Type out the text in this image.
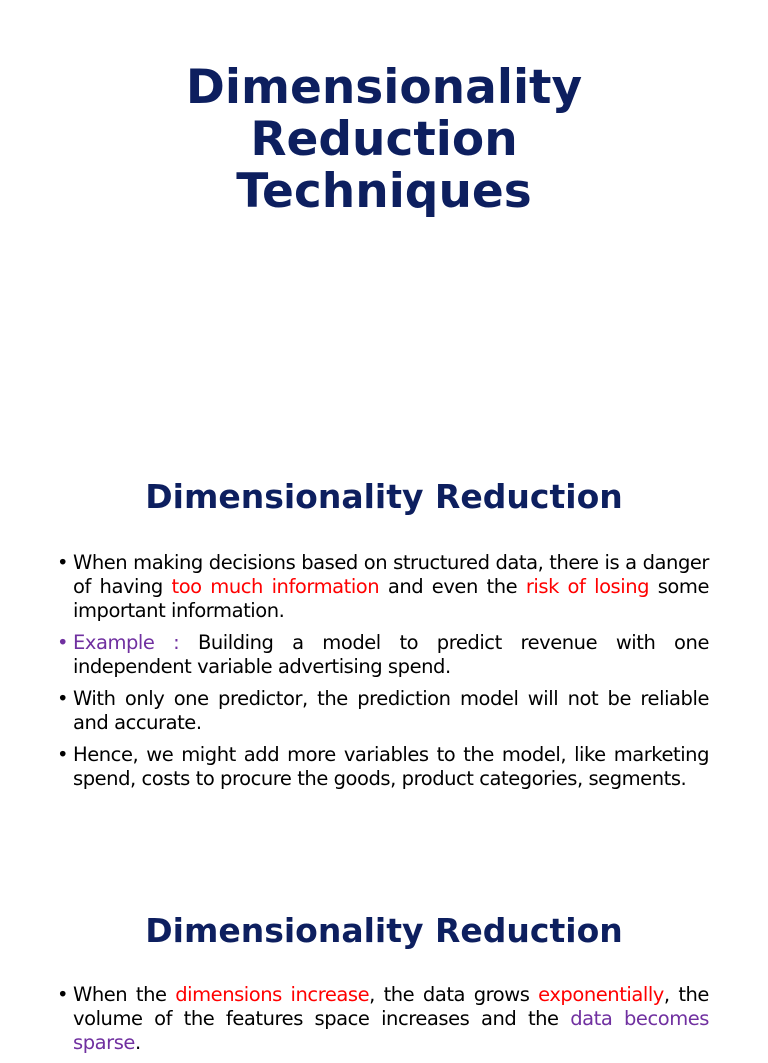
Dimensionality
Reduction
Techniques
Dimensionality Reduction
• When making decisions based on structured data, there is a danger of having too much information and even the risk of losing some important information.
• Example : Building a model to predict revenue with one independent variable advertising spend.
• With only one predictor, the prediction model will not be reliable and accurate.
• Hence, we might add more variables to the model, like marketing spend, costs to procure the goods, product categories, segments.
Dimensionality Reduction
• When the dimensions increase, the data grows exponentially, the volume of the features space increases and the data becomes sparse.
